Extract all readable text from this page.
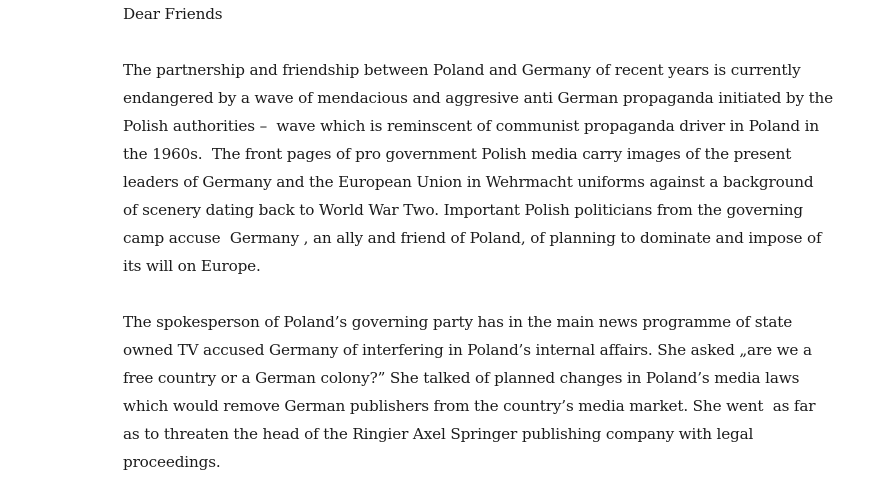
Dear Friends
The partnership and friendship between Poland and Germany of recent years is currently
endangered by a wave of mendacious and aggresive anti German propaganda initiated by the
Polish authorities –  wave which is reminscent of communist propaganda driver in Poland in
the 1960s.  The front pages of pro government Polish media carry images of the present
leaders of Germany and the European Union in Wehrmacht uniforms against a background
of scenery dating back to World War Two. Important Polish politicians from the governing
camp accuse  Germany , an ally and friend of Poland, of planning to dominate and impose of
its will on Europe.
The spokesperson of Poland’s governing party has in the main news programme of state
owned TV accused Germany of interfering in Poland’s internal affairs. She asked „are we a
free country or a German colony?” She talked of planned changes in Poland’s media laws
which would remove German publishers from the country’s media market. She went  as far
as to threaten the head of the Ringier Axel Springer publishing company with legal
proceedings.
